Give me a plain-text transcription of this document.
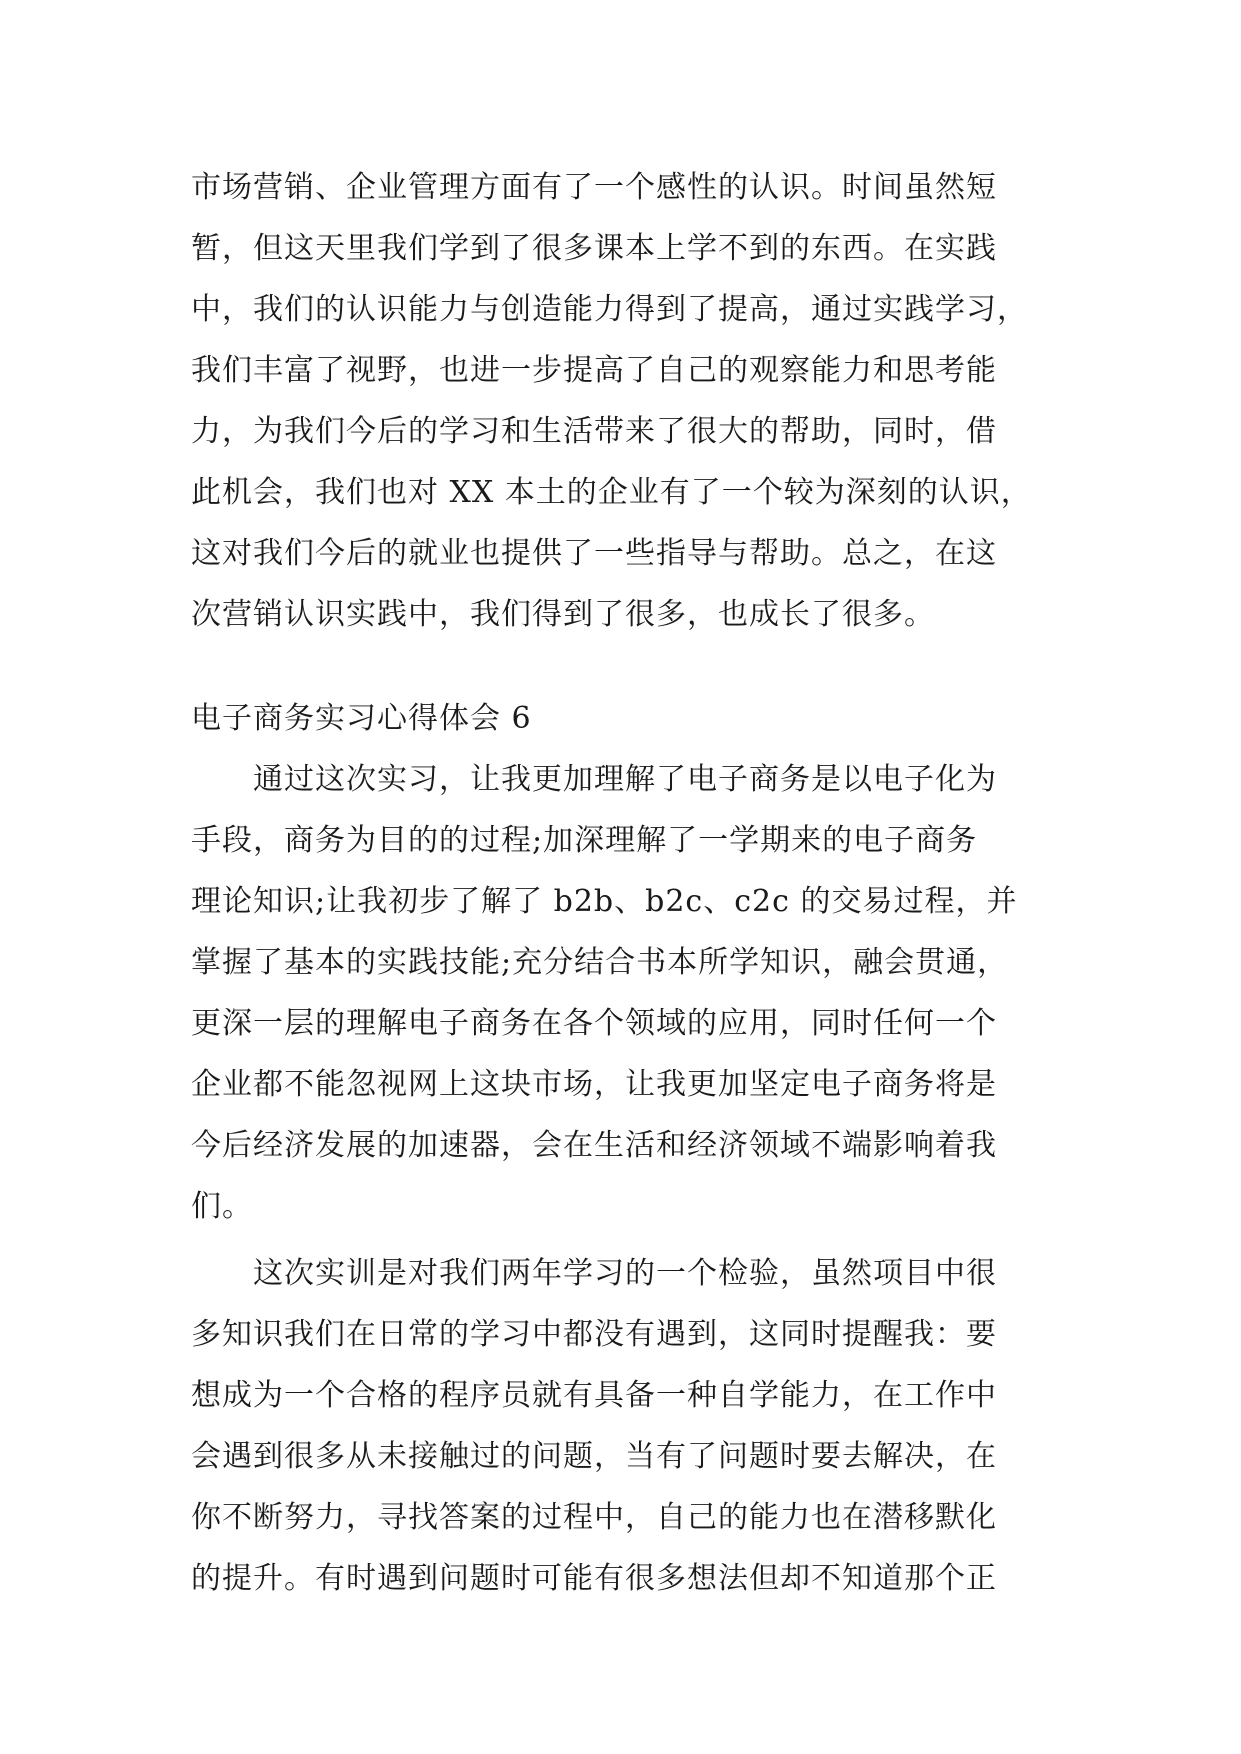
市场营销、企业管理方面有了一个感性的认识。时间虽然短
暂，但这天里我们学到了很多课本上学不到的东西。在实践
中，我们的认识能力与创造能力得到了提高，通过实践学习，
我们丰富了视野，也进一步提高了自己的观察能力和思考能
力，为我们今后的学习和生活带来了很大的帮助，同时，借
此机会，我们也对 XX 本土的企业有了一个较为深刻的认识，
这对我们今后的就业也提供了一些指导与帮助。总之，在这
次营销认识实践中，我们得到了很多，也成长了很多。
电子商务实习心得体会 6
　　通过这次实习，让我更加理解了电子商务是以电子化为
手段，商务为目的的过程;加深理解了一学期来的电子商务
理论知识;让我初步了解了 b2b、b2c、c2c 的交易过程，并
掌握了基本的实践技能;充分结合书本所学知识，融会贯通，
更深一层的理解电子商务在各个领域的应用，同时任何一个
企业都不能忽视网上这块市场，让我更加坚定电子商务将是
今后经济发展的加速器，会在生活和经济领域不端影响着我
们。
　　这次实训是对我们两年学习的一个检验，虽然项目中很
多知识我们在日常的学习中都没有遇到，这同时提醒我：要
想成为一个合格的程序员就有具备一种自学能力，在工作中
会遇到很多从未接触过的问题，当有了问题时要去解决，在
你不断努力，寻找答案的过程中，自己的能力也在潜移默化
的提升。有时遇到问题时可能有很多想法但却不知道那个正
